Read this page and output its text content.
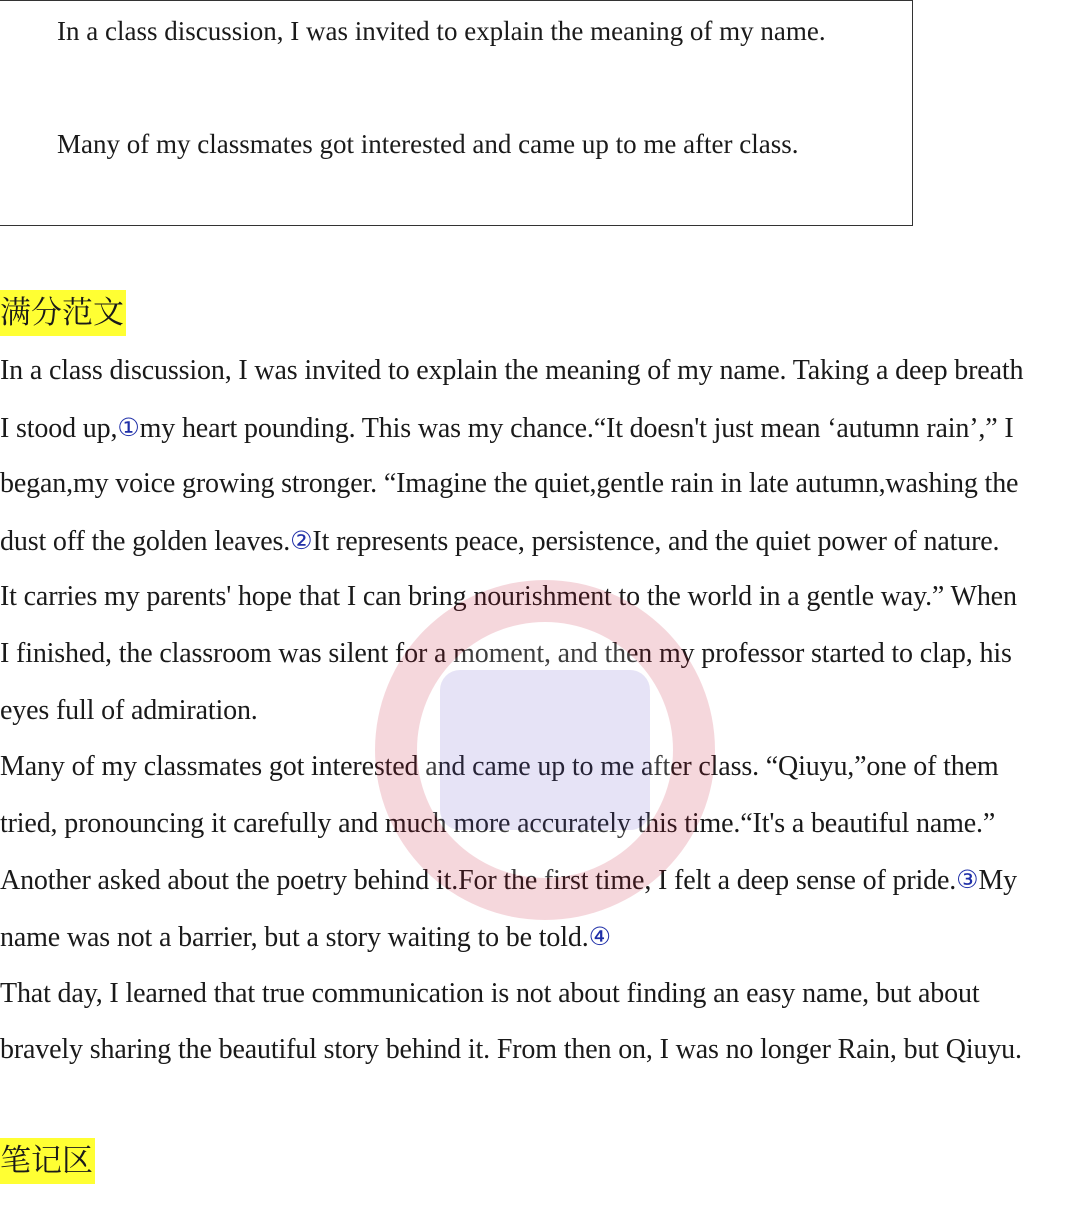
In a class discussion, I was invited to explain the meaning of my name.
Many of my classmates got interested and came up to me after class.
满分范文
In a class discussion, I was invited to explain the meaning of my name. Taking a deep breath
I stood up,①my heart pounding. This was my chance.“It doesn't just mean ‘autumn rain’,” I
began,my voice growing stronger. “Imagine the quiet,gentle rain in late autumn,washing the
dust off the golden leaves.②It represents peace, persistence, and the quiet power of nature.
It carries my parents' hope that I can bring nourishment to the world in a gentle way.” When
I finished, the classroom was silent for a moment, and then my professor started to clap, his
eyes full of admiration.
Many of my classmates got interested and came up to me after class. “Qiuyu,”one of them
tried, pronouncing it carefully and much more accurately this time.“It's a beautiful name.”
Another asked about the poetry behind it.For the first time, I felt a deep sense of pride.③My
name was not a barrier, but a story waiting to be told.④
That day, I learned that true communication is not about finding an easy name, but about
bravely sharing the beautiful story behind it. From then on, I was no longer Rain, but Qiuyu.
笔记区
